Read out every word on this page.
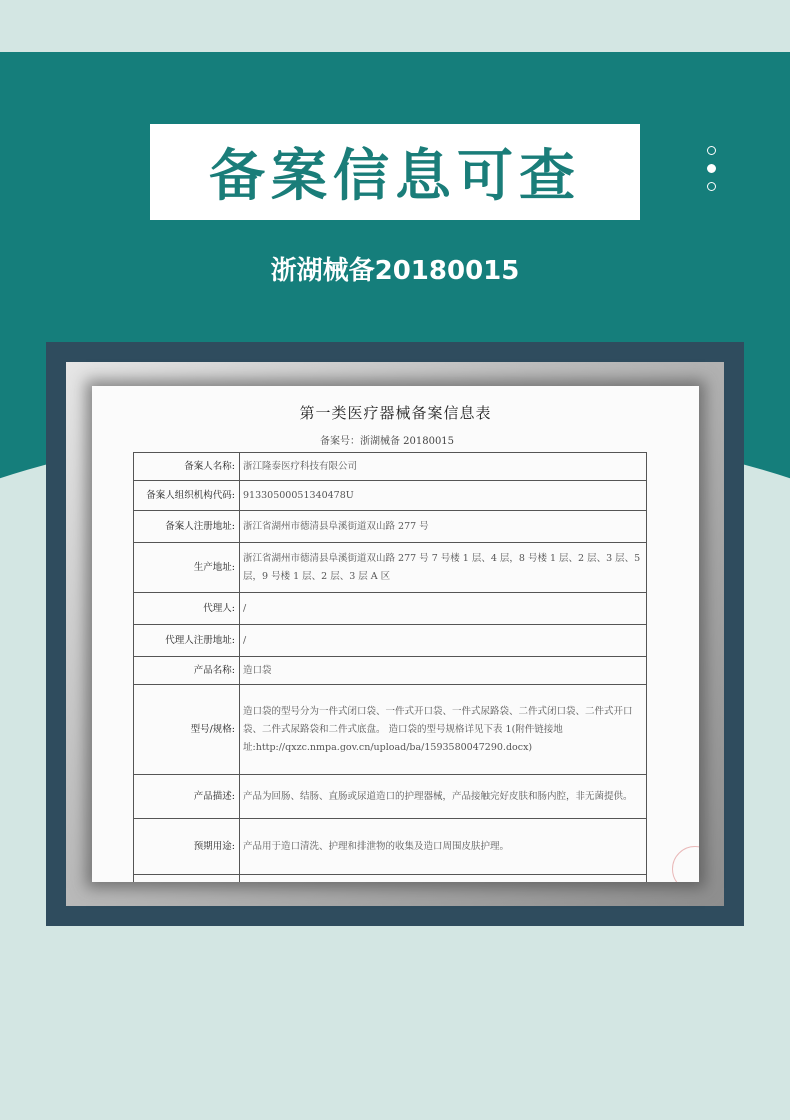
备案信息可查
浙湖械备20180015
第一类医疗器械备案信息表
备案号：浙湖械备 20180015
备案人名称:	浙江隆泰医疗科技有限公司
备案人组织机构代码:	91330500051340478U
备案人注册地址:	浙江省湖州市德清县阜溪街道双山路 277 号
生产地址:	浙江省湖州市德清县阜溪街道双山路 277 号 7 号楼 1 层、4 层，8 号楼 1 层、2 层、3 层、5 层，9 号楼 1 层、2 层、3 层 A 区
代理人:	/
代理人注册地址:	/
产品名称:	造口袋
型号/规格:	造口袋的型号分为一件式闭口袋、一件式开口袋、一件式尿路袋、二件式闭口袋、二件式开口袋、二件式尿路袋和二件式底盘。 造口袋的型号规格详见下表 1(附件链接地址:http://qxzc.nmpa.gov.cn/upload/ba/1593580047290.docx)
产品描述:	产品为回肠、结肠、直肠或尿道造口的护理器械，产品接触完好皮肤和肠内腔，非无菌提供。
预期用途:	产品用于造口清洗、护理和排泄物的收集及造口周围皮肤护理。
